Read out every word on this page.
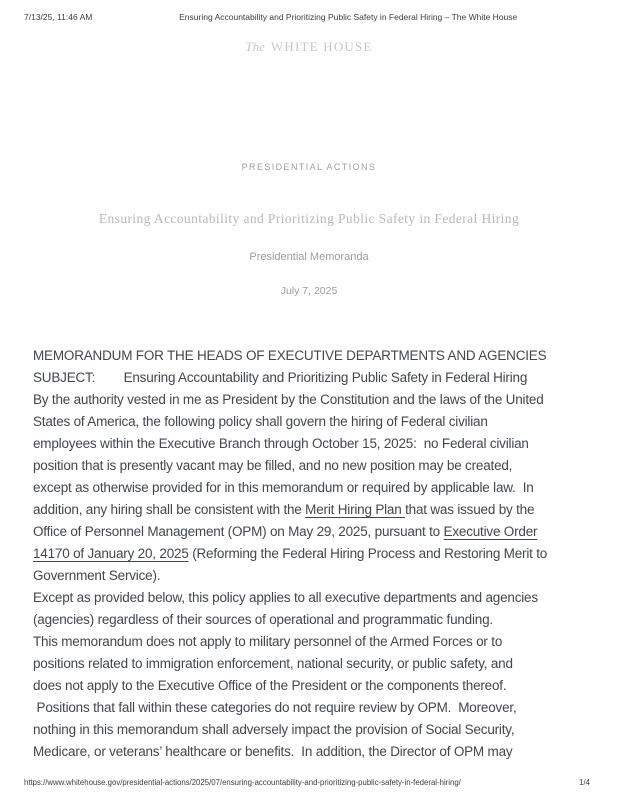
7/13/25, 11:46 AM	Ensuring Accountability and Prioritizing Public Safety in Federal Hiring – The White House
The WHITE HOUSE
PRESIDENTIAL ACTIONS
Ensuring Accountability and Prioritizing Public Safety in Federal Hiring
Presidential Memoranda
July 7, 2025
MEMORANDUM FOR THE HEADS OF EXECUTIVE DEPARTMENTS AND AGENCIES
SUBJECT:        Ensuring Accountability and Prioritizing Public Safety in Federal Hiring
By the authority vested in me as President by the Constitution and the laws of the United
States of America, the following policy shall govern the hiring of Federal civilian
employees within the Executive Branch through October 15, 2025:  no Federal civilian
position that is presently vacant may be filled, and no new position may be created,
except as otherwise provided for in this memorandum or required by applicable law.  In
addition, any hiring shall be consistent with the Merit Hiring Plan that was issued by the
Office of Personnel Management (OPM) on May 29, 2025, pursuant to Executive Order
14170 of January 20, 2025 (Reforming the Federal Hiring Process and Restoring Merit to
Government Service).
Except as provided below, this policy applies to all executive departments and agencies
(agencies) regardless of their sources of operational and programmatic funding.
This memorandum does not apply to military personnel of the Armed Forces or to
positions related to immigration enforcement, national security, or public safety, and
does not apply to the Executive Office of the President or the components thereof.
Positions that fall within these categories do not require review by OPM.  Moreover,
nothing in this memorandum shall adversely impact the provision of Social Security,
Medicare, or veterans’ healthcare or benefits.  In addition, the Director of OPM may
https://www.whitehouse.gov/presidential-actions/2025/07/ensuring-accountability-and-prioritizing-public-safety-in-federal-hiring/	1/4
